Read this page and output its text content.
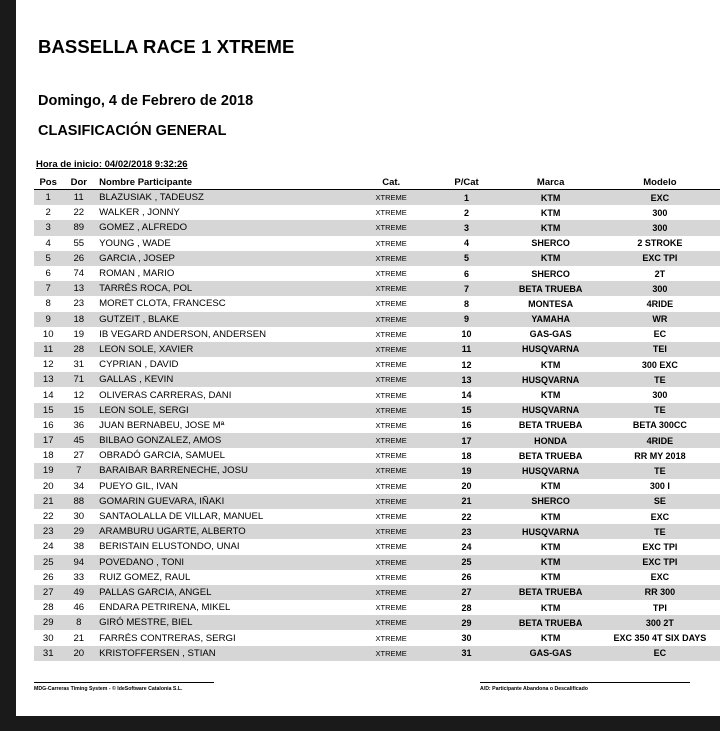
BASSELLA RACE 1 XTREME
Domingo, 4 de Febrero de 2018
CLASIFICACIÓN GENERAL
Hora de inicio: 04/02/2018 9:32:26
Pos	Dor	Nombre Participante	Cat.	P/Cat	Marca	Modelo
1	11	BLAZUSIAK , TADEUSZ	XTREME	1	KTM	EXC
2	22	WALKER , JONNY	XTREME	2	KTM	300
3	89	GOMEZ , ALFREDO	XTREME	3	KTM	300
4	55	YOUNG , WADE	XTREME	4	SHERCO	2 STROKE
5	26	GARCIA , JOSEP	XTREME	5	KTM	EXC TPI
6	74	ROMAN , MARIO	XTREME	6	SHERCO	2T
7	13	TARRÉS ROCA, POL	XTREME	7	BETA TRUEBA	300
8	23	MORET CLOTA, FRANCESC	XTREME	8	MONTESA	4RIDE
9	18	GUTZEIT , BLAKE	XTREME	9	YAMAHA	WR
10	19	IB VEGARD ANDERSON, ANDERSEN	XTREME	10	GAS-GAS	EC
11	28	LEON SOLE, XAVIER	XTREME	11	HUSQVARNA	TEI
12	31	CYPRIAN , DAVID	XTREME	12	KTM	300 EXC
13	71	GALLAS , KEVIN	XTREME	13	HUSQVARNA	TE
14	12	OLIVERAS CARRERAS, DANI	XTREME	14	KTM	300
15	15	LEON SOLE, SERGI	XTREME	15	HUSQVARNA	TE
16	36	JUAN BERNABEU, JOSE Mª	XTREME	16	BETA TRUEBA	BETA 300CC
17	45	BILBAO GONZALEZ, AMOS	XTREME	17	HONDA	4RIDE
18	27	OBRADÓ GARCIA, SAMUEL	XTREME	18	BETA TRUEBA	RR MY 2018
19	7	BARAIBAR BARRENECHE, JOSU	XTREME	19	HUSQVARNA	TE
20	34	PUEYO GIL, IVAN	XTREME	20	KTM	300 I
21	88	GOMARIN GUEVARA, IÑAKI	XTREME	21	SHERCO	SE
22	30	SANTAOLALLA DE VILLAR, MANUEL	XTREME	22	KTM	EXC
23	29	ARAMBURU UGARTE, ALBERTO	XTREME	23	HUSQVARNA	TE
24	38	BERISTAIN ELUSTONDO, UNAI	XTREME	24	KTM	EXC TPI
25	94	POVEDANO , TONI	XTREME	25	KTM	EXC TPI
26	33	RUIZ GOMEZ, RAUL	XTREME	26	KTM	EXC
27	49	PALLAS GARCIA, ANGEL	XTREME	27	BETA TRUEBA	RR 300
28	46	ENDARA PETRIRENA, MIKEL	XTREME	28	KTM	TPI
29	8	GIRÓ MESTRE, BIEL	XTREME	29	BETA TRUEBA	300 2T
30	21	FARRÉS CONTRERAS, SERGI	XTREME	30	KTM	EXC 350 4T SIX DAYS
31	20	KRISTOFFERSEN , STIAN	XTREME	31	GAS-GAS	EC
MDG-Carreras Timing System - © IdeSoftware Catalonia S.L.	A/D: Participante Abandona o Descalificado
